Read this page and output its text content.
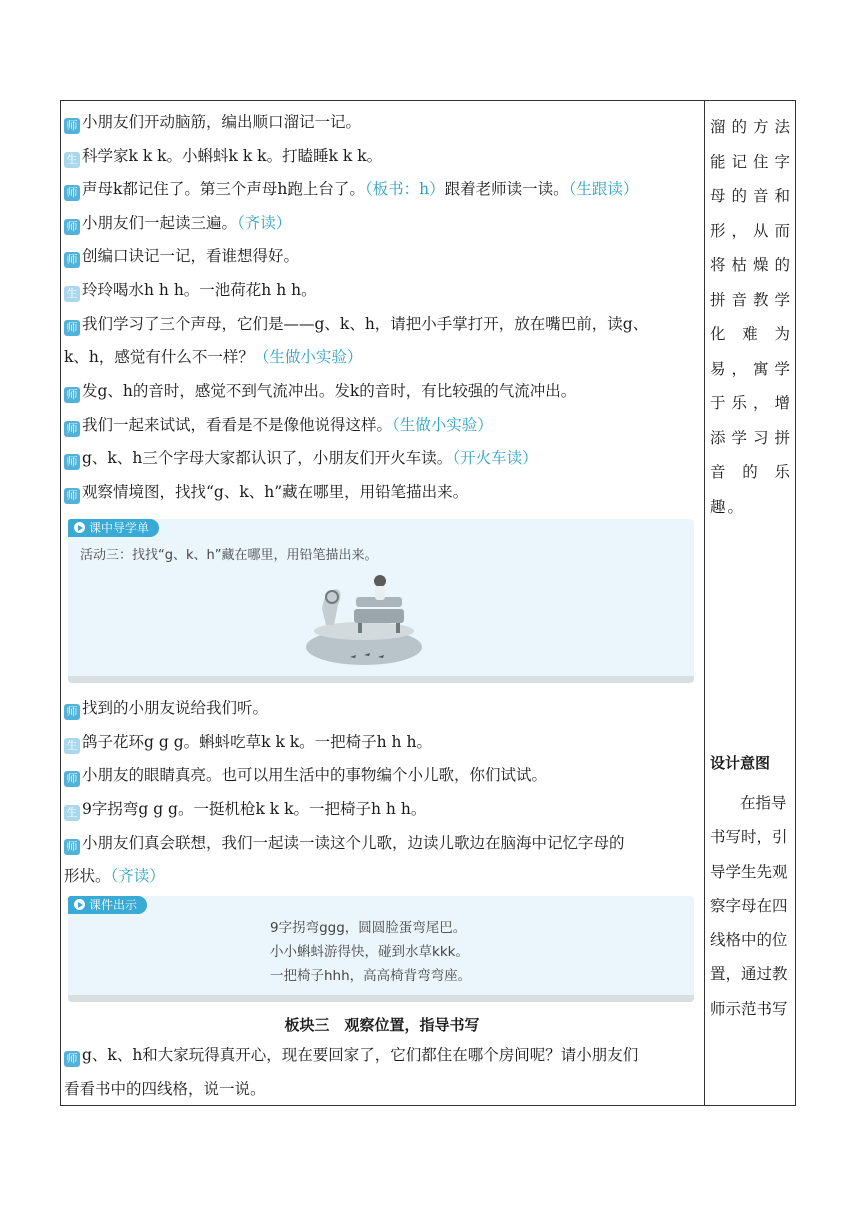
师 小朋友们开动脑筋，编出顺口溜记一记。
生 科学家k k k。小蝌蚪k k k。打瞌睡k k k。
师 声母k都记住了。第三个声母h跑上台了。（板书：h）跟着老师读一读。（生跟读）
师 小朋友们一起读三遍。（齐读）
师 创编口诀记一记，看谁想得好。
生 玲玲喝水h h h。一池荷花h h h。
师 我们学习了三个声母，它们是——g、k、h，请把小手掌打开，放在嘴巴前，读g、
k、h，感觉有什么不一样？（生做小实验）
师 发g、h的音时，感觉不到气流冲出。发k的音时，有比较强的气流冲出。
师 我们一起来试试，看看是不是像他说得这样。（生做小实验）
师 g、k、h三个字母大家都认识了，小朋友们开火车读。（开火车读）
师 观察情境图，找找“g、k、h”藏在哪里，用铅笔描出来。
课中导学单
活动三：找找“g、k、h”藏在哪里，用铅笔描出来。
师 找到的小朋友说给我们听。
生 鸽子花环g g g。蝌蚪吃草k k k。一把椅子h h h。
师 小朋友的眼睛真亮。也可以用生活中的事物编个小儿歌，你们试试。
生 9字拐弯g g g。一挺机枪k k k。一把椅子h h h。
师 小朋友们真会联想，我们一起读一读这个儿歌，边读儿歌边在脑海中记忆字母的
形状。（齐读）
课件出示
9字拐弯ggg，圆圆脸蛋弯尾巴。
小小蝌蚪游得快，碰到水草kkk。
一把椅子hhh，高高椅背弯弯座。
板块三　观察位置，指导书写
师 g、k、h和大家玩得真开心，现在要回家了，它们都住在哪个房间呢？请小朋友们
看看书中的四线格，说一说。
溜的方法能记住字母的音和形，从而将枯燥的拼音教学化难为易，寓学于乐，增添学习拼音的乐趣。
设计意图
在指导书写时，引导学生先观察字母在四线格中的位置，通过教师示范书写
